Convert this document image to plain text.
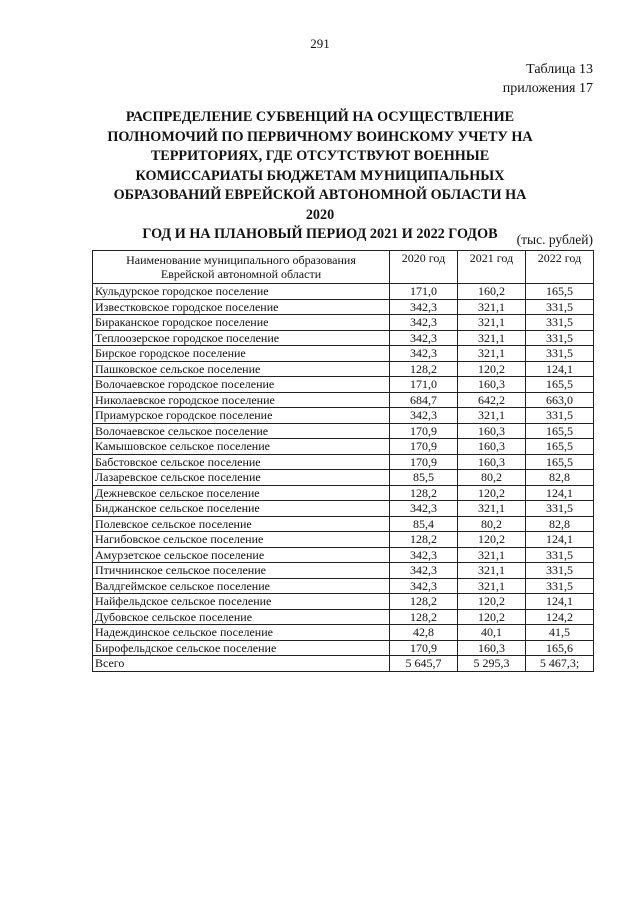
291
Таблица 13
приложения 17
РАСПРЕДЕЛЕНИЕ СУБВЕНЦИЙ НА ОСУЩЕСТВЛЕНИЕ
ПОЛНОМОЧИЙ ПО ПЕРВИЧНОМУ ВОИНСКОМУ УЧЕТУ НА
ТЕРРИТОРИЯХ, ГДЕ ОТСУТСТВУЮТ ВОЕННЫЕ
КОМИССАРИАТЫ БЮДЖЕТАМ МУНИЦИПАЛЬНЫХ
ОБРАЗОВАНИЙ ЕВРЕЙСКОЙ АВТОНОМНОЙ ОБЛАСТИ НА 2020
ГОД И НА ПЛАНОВЫЙ ПЕРИОД 2021 И 2022 ГОДОВ	(тыс. рублей)
Наименование муниципального образования
Еврейской автономной области	2020 год	2021 год	2022 год
Кульдурское городское поселение	171,0	160,2	165,5
Известковское городское поселение	342,3	321,1	331,5
Бираканское городское поселение	342,3	321,1	331,5
Теплоозерское городское поселение	342,3	321,1	331,5
Бирское городское поселение	342,3	321,1	331,5
Пашковское сельское поселение	128,2	120,2	124,1
Волочаевское городское поселение	171,0	160,3	165,5
Николаевское городское поселение	684,7	642,2	663,0
Приамурское городское поселение	342,3	321,1	331,5
Волочаевское сельское поселение	170,9	160,3	165,5
Камышовское сельское поселение	170,9	160,3	165,5
Бабстовское сельское поселение	170,9	160,3	165,5
Лазаревское сельское поселение	85,5	80,2	82,8
Дежневское сельское поселение	128,2	120,2	124,1
Биджанское сельское поселение	342,3	321,1	331,5
Полевское сельское поселение	85,4	80,2	82,8
Нагибовское сельское поселение	128,2	120,2	124,1
Амурзетское сельское поселение	342,3	321,1	331,5
Птичнинское сельское поселение	342,3	321,1	331,5
Валдгеймское сельское поселение	342,3	321,1	331,5
Найфельдское сельское поселение	128,2	120,2	124,1
Дубовское сельское поселение	128,2	120,2	124,2
Надеждинское сельское поселение	42,8	40,1	41,5
Бирофельдское сельское поселение	170,9	160,3	165,6
Всего	5 645,7	5 295,3	5 467,3;
